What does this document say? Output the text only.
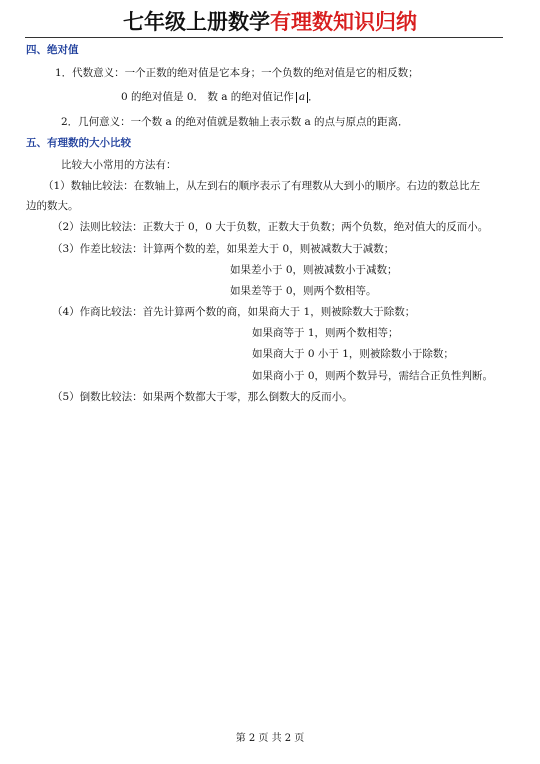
七年级上册数学有理数知识归纳
四、绝对值
1．代数意义：一个正数的绝对值是它本身；一个负数的绝对值是它的相反数；
0 的绝对值是 0． 数 a 的绝对值记作 a ．
2．几何意义：一个数 a 的绝对值就是数轴上表示数 a 的点与原点的距离．
五、有理数的大小比较
比较大小常用的方法有：
（1）数轴比较法：在数轴上，从左到右的顺序表示了有理数从大到小的顺序。右边的数总比左
边的数大。
（2）法则比较法：正数大于 0，0 大于负数，正数大于负数；两个负数，绝对值大的反而小。
（3）作差比较法：计算两个数的差，如果差大于 0，则被减数大于减数；
如果差小于 0，则被减数小于减数；
如果差等于 0，则两个数相等。
（4）作商比较法：首先计算两个数的商，如果商大于 1，则被除数大于除数；
如果商等于 1，则两个数相等；
如果商大于 0 小于 1，则被除数小于除数；
如果商小于 0，则两个数异号，需结合正负性判断。
（5）倒数比较法：如果两个数都大于零，那么倒数大的反而小。
第 2 页 共 2 页
